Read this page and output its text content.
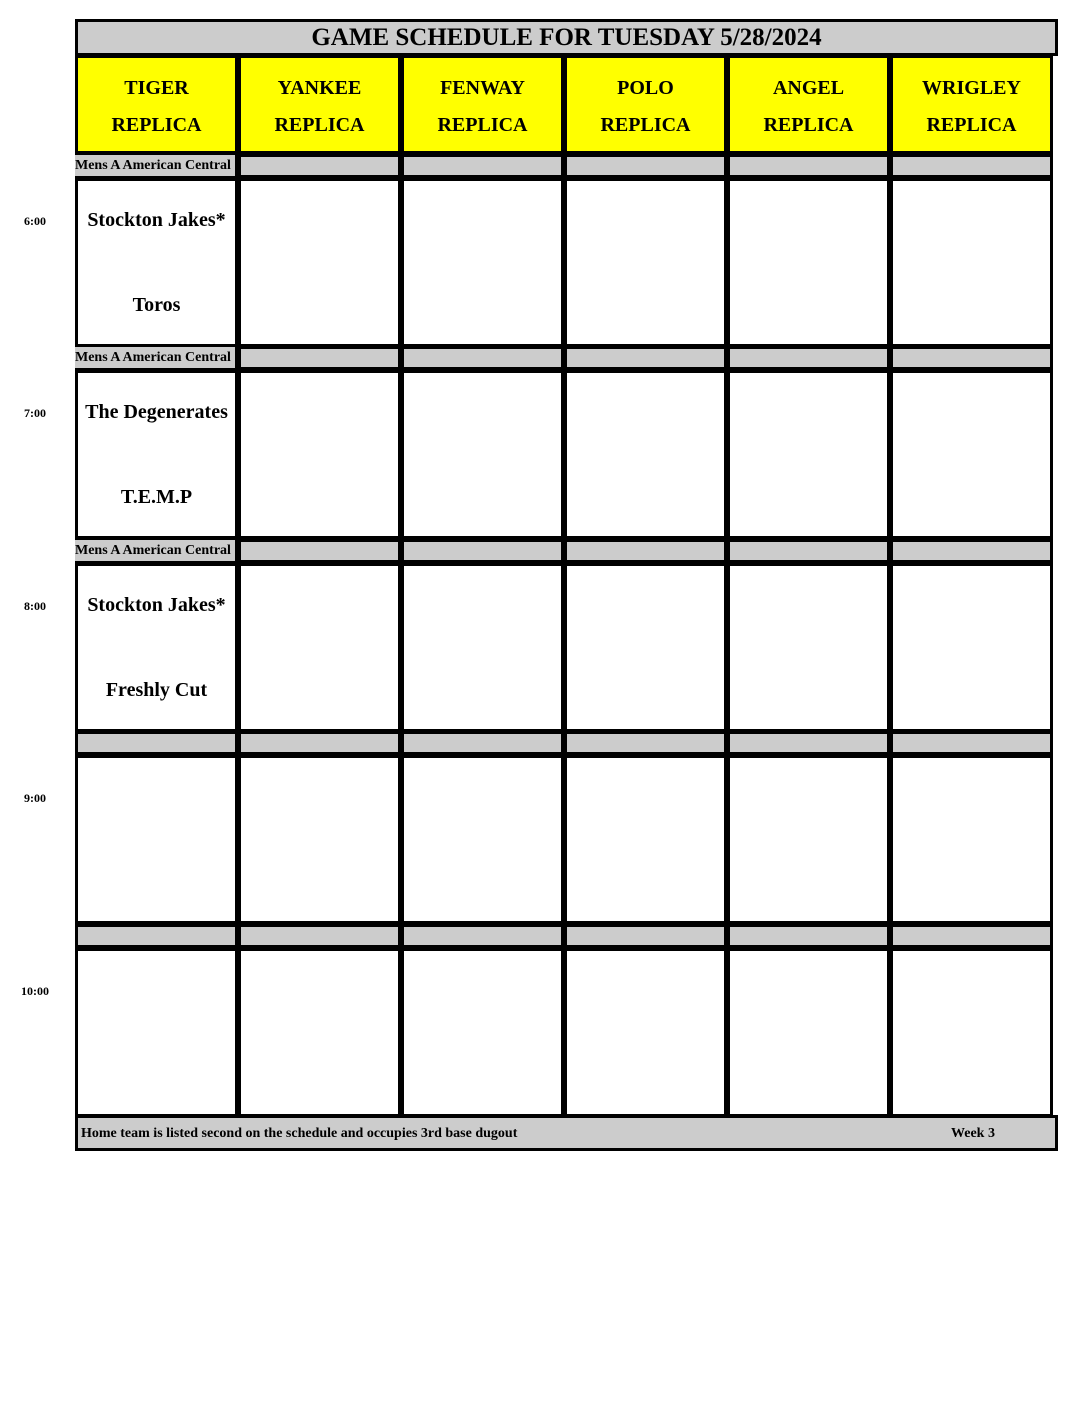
6:00
7:00
8:00
9:00
10:00
GAME SCHEDULE FOR TUESDAY 5/28/2024
TIGER
REPLICA
YANKEE
REPLICA
FENWAY
REPLICA
POLO
REPLICA
ANGEL
REPLICA
WRIGLEY
REPLICA
Mens A American Central
Stockton Jakes*
Toros
Mens A American Central
The Degenerates
T.E.M.P
Mens A American Central
Stockton Jakes*
Freshly Cut
Home team is listed second on the schedule and occupies 3rd base dugout	Week 3
